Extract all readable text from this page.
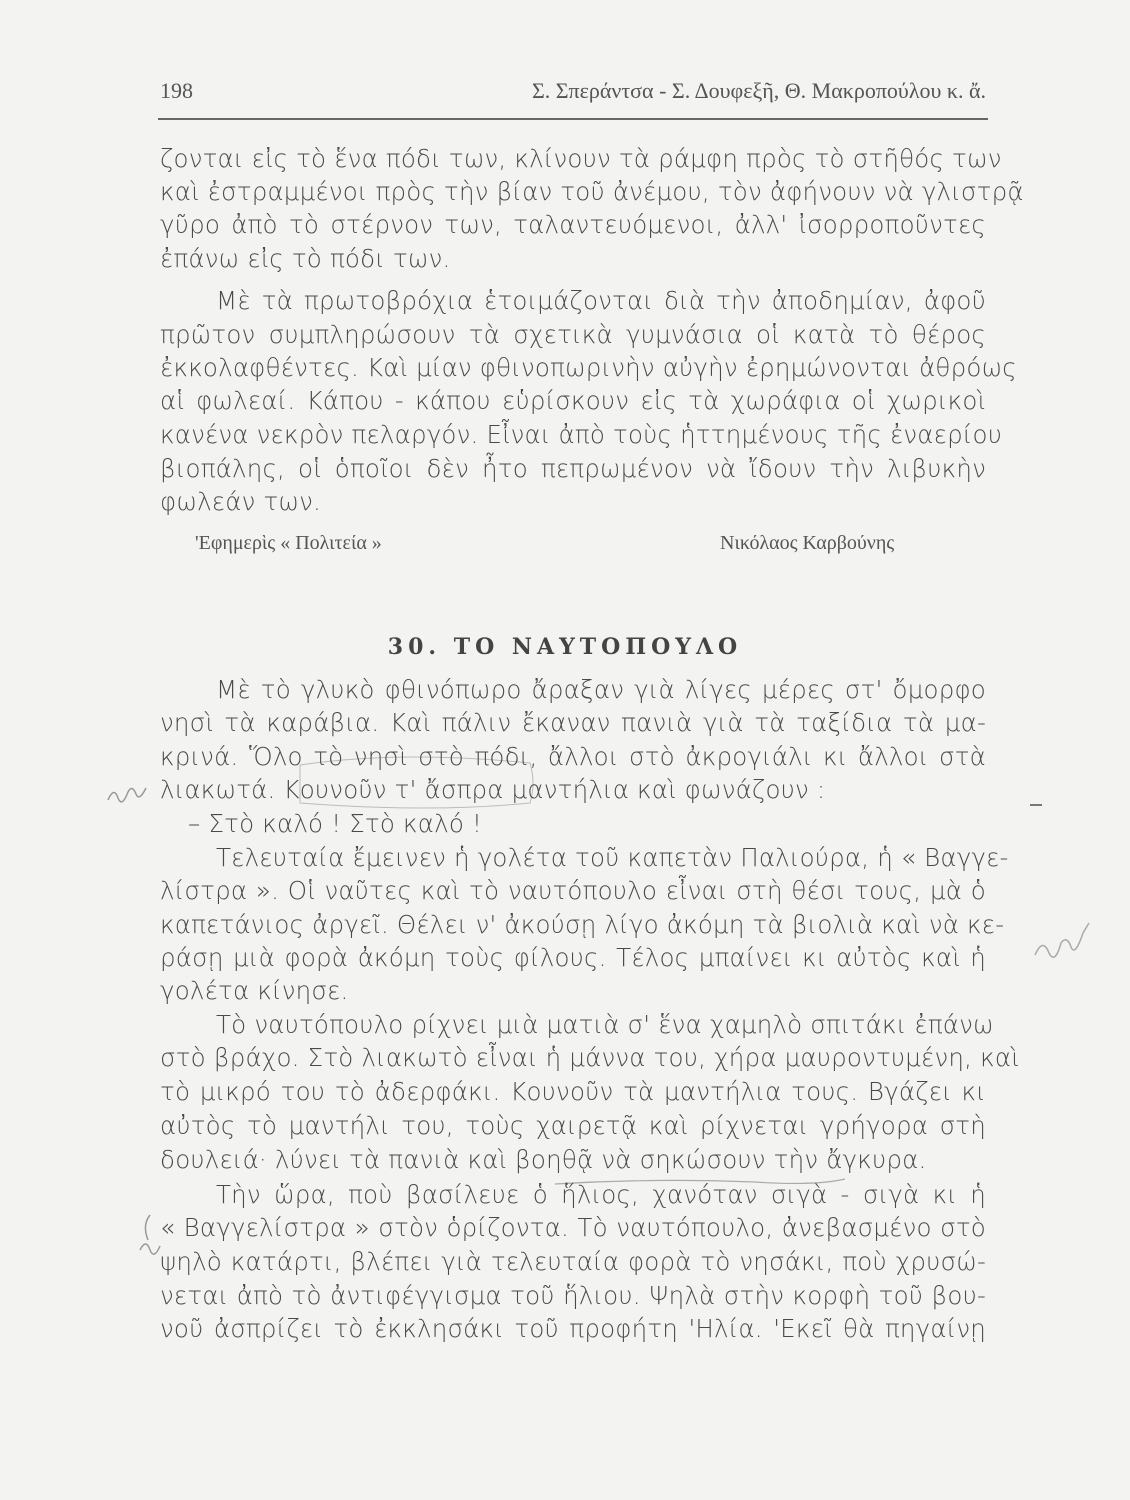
198	Σ. Σπεράντσα - Σ. Δουφεξῆ, Θ. Μακροπούλου κ. ἄ.
ζονται εἰς τὸ ἕνα πόδι των, κλίνουν τὰ ράμφη πρὸς τὸ στῆθός των
καὶ ἐστραμμένοι πρὸς τὴν βίαν τοῦ ἀνέμου, τὸν ἀφήνουν νὰ γλιστρᾷ
γῦρο ἀπὸ τὸ στέρνον των, ταλαντευόμενοι, ἀλλ' ἰσορροποῦντες
ἐπάνω εἰς τὸ πόδι των.
Μὲ τὰ πρωτοβρόχια ἑτοιμάζονται διὰ τὴν ἀποδημίαν, ἀφοῦ
πρῶτον συμπληρώσουν τὰ σχετικὰ γυμνάσια οἱ κατὰ τὸ θέρος
ἐκκολαφθέντες. Καὶ μίαν φθινοπωρινὴν αὐγὴν ἐρημώνονται ἀθρόως
αἱ φωλεαί. Κάπου - κάπου εὑρίσκουν εἰς τὰ χωράφια οἱ χωρικοὶ
κανένα νεκρὸν πελαργόν. Εἶναι ἀπὸ τοὺς ἡττημένους τῆς ἐναερίου
βιοπάλης, οἱ ὁποῖοι δὲν ἦτο πεπρωμένον νὰ ἴδουν τὴν λιβυκὴν
φωλεάν των.
'Εφημερὶς « Πολιτεία »	Νικόλαος Καρβούνης
30. ΤΟ ΝΑΥΤΟΠΟΥΛΟ
Μὲ τὸ γλυκὸ φθινόπωρο ἄραξαν γιὰ λίγες μέρες στ' ὄμορφο
νησὶ τὰ καράβια. Καὶ πάλιν ἔκαναν πανιὰ γιὰ τὰ ταξίδια τὰ μα-
κρινά. Ὅλο τὸ νησὶ στὸ πόδι, ἄλλοι στὸ ἀκρογιάλι κι ἄλλοι στὰ
λιακωτά. Κουνοῦν τ' ἄσπρα μαντήλια καὶ φωνάζουν :
– Στὸ καλό ! Στὸ καλό !
Τελευταία ἔμεινεν ἡ γολέτα τοῦ καπετὰν Παλιούρα, ἡ « Βαγγε-
λίστρα ». Οἱ ναῦτες καὶ τὸ ναυτόπουλο εἶναι στὴ θέσι τους, μὰ ὁ
καπετάνιος ἀργεῖ. Θέλει ν' ἀκούσῃ λίγο ἀκόμη τὰ βιολιὰ καὶ νὰ κε-
ράσῃ μιὰ φορὰ ἀκόμη τοὺς φίλους. Τέλος μπαίνει κι αὐτὸς καὶ ἡ
γολέτα κίνησε.
Τὸ ναυτόπουλο ρίχνει μιὰ ματιὰ σ' ἕνα χαμηλὸ σπιτάκι ἐπάνω
στὸ βράχο. Στὸ λιακωτὸ εἶναι ἡ μάννα του, χήρα μαυροντυμένη, καὶ
τὸ μικρό του τὸ ἀδερφάκι. Κουνοῦν τὰ μαντήλια τους. Βγάζει κι
αὐτὸς τὸ μαντήλι του, τοὺς χαιρετᾷ καὶ ρίχνεται γρήγορα στὴ
δουλειά· λύνει τὰ πανιὰ καὶ βοηθᾷ νὰ σηκώσουν τὴν ἄγκυρα.
Τὴν ὥρα, ποὺ βασίλευε ὁ ἥλιος, χανόταν σιγὰ - σιγὰ κι ἡ
« Βαγγελίστρα » στὸν ὁρίζοντα. Τὸ ναυτόπουλο, ἀνεβασμένο στὸ
ψηλὸ κατάρτι, βλέπει γιὰ τελευταία φορὰ τὸ νησάκι, ποὺ χρυσώ-
νεται ἀπὸ τὸ ἀντιφέγγισμα τοῦ ἥλιου. Ψηλὰ στὴν κορφὴ τοῦ βου-
νοῦ ἀσπρίζει τὸ ἐκκλησάκι τοῦ προφήτη 'Ηλία. 'Εκεῖ θὰ πηγαίνῃ
